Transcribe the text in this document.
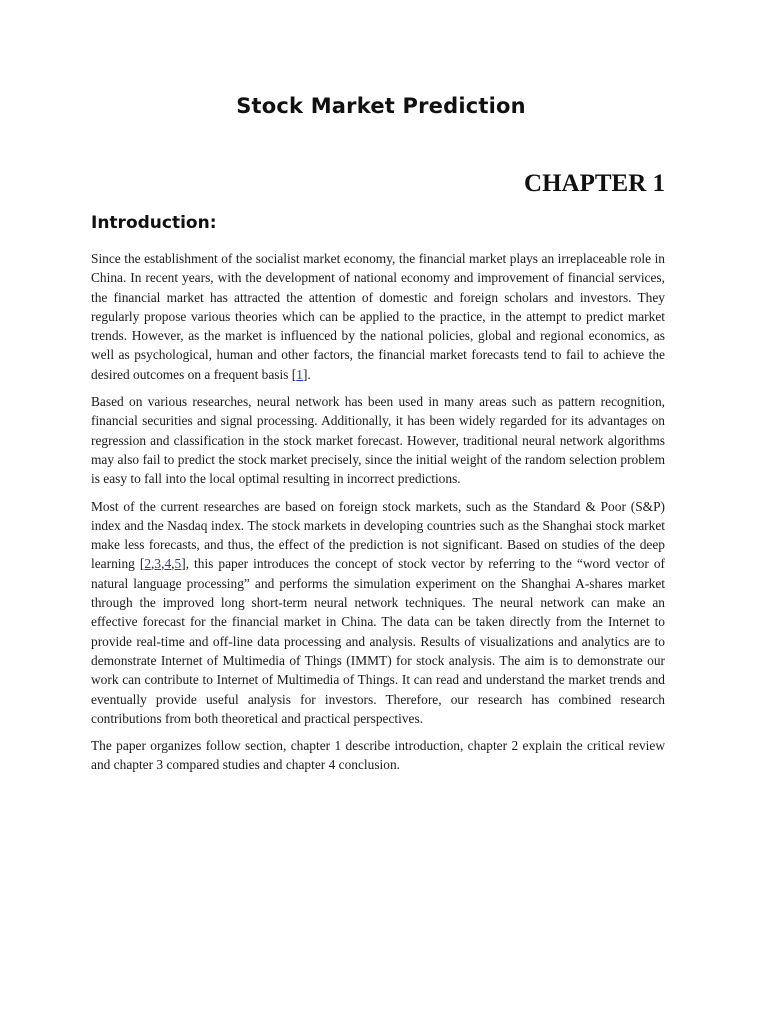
Stock Market Prediction
CHAPTER 1
Introduction:

Since the establishment of the socialist market economy, the financial market plays an irreplaceable role in China. In recent years, with the development of national economy and improvement of financial services, the financial market has attracted the attention of domestic and foreign scholars and investors. They regularly propose various theories which can be applied to the practice, in the attempt to predict market trends. However, as the market is influenced by the national policies, global and regional economics, as well as psychological, human and other factors, the financial market forecasts tend to fail to achieve the desired outcomes on a frequent basis [1].

Based on various researches, neural network has been used in many areas such as pattern recognition, financial securities and signal processing. Additionally, it has been widely regarded for its advantages on regression and classification in the stock market forecast. However, traditional neural network algorithms may also fail to predict the stock market precisely, since the initial weight of the random selection problem is easy to fall into the local optimal resulting in incorrect predictions.

Most of the current researches are based on foreign stock markets, such as the Standard & Poor (S&P) index and the Nasdaq index. The stock markets in developing countries such as the Shanghai stock market make less forecasts, and thus, the effect of the prediction is not significant. Based on studies of the deep learning [2,3,4,5], this paper introduces the concept of stock vector by referring to the “word vector of natural language processing” and performs the simulation experiment on the Shanghai A-shares market through the improved long short-term neural network techniques. The neural network can make an effective forecast for the financial market in China. The data can be taken directly from the Internet to provide real-time and off-line data processing and analysis. Results of visualizations and analytics are to demonstrate Internet of Multimedia of Things (IMMT) for stock analysis. The aim is to demonstrate our work can contribute to Internet of Multimedia of Things. It can read and understand the market trends and eventually provide useful analysis for investors. Therefore, our research has combined research contributions from both theoretical and practical perspectives.

The paper organizes follow section, chapter 1 describe introduction, chapter 2 explain the critical review and chapter 3 compared studies and chapter 4 conclusion.
